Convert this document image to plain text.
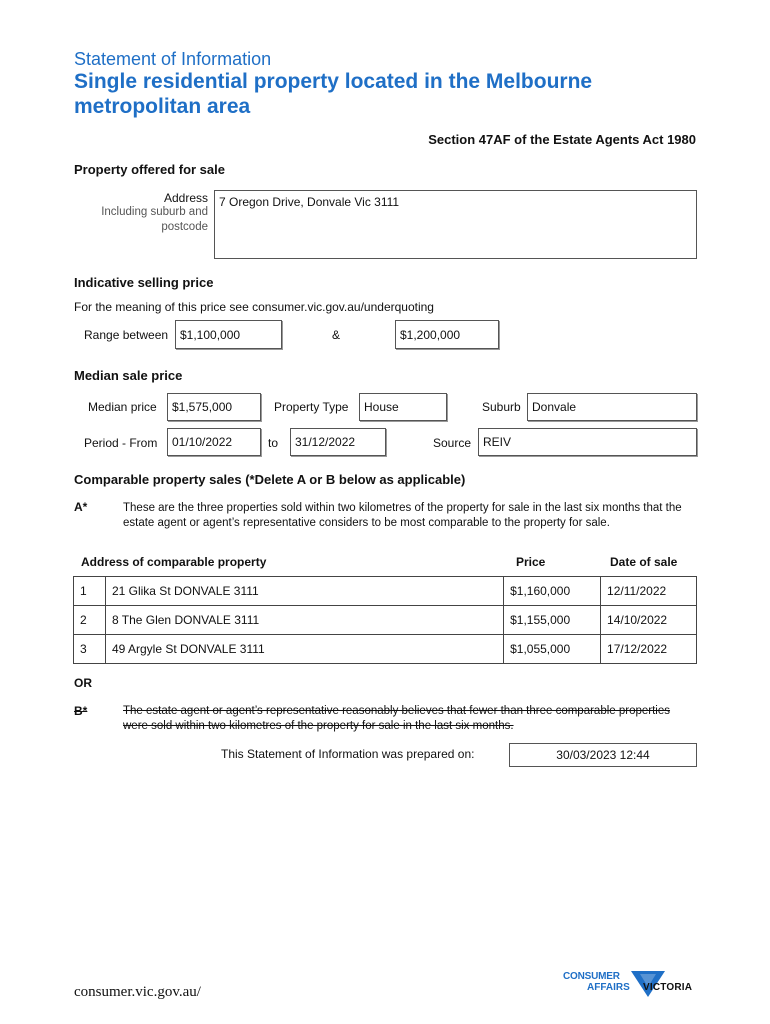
Statement of Information
Single residential property located in the Melbourne metropolitan area
Section 47AF of the Estate Agents Act 1980
Property offered for sale
Address
Including suburb and
postcode
7 Oregon Drive, Donvale Vic 3111
Indicative selling price
For the meaning of this price see consumer.vic.gov.au/underquoting
Range between $1,100,000	&	$1,200,000
Median sale price
Median price $1,575,000	Property Type House	Suburb Donvale
Period - From 01/10/2022	to 31/12/2022	Source REIV
Comparable property sales (*Delete A or B below as applicable)
A*	These are the three properties sold within two kilometres of the property for sale in the last six months that the estate agent or agent’s representative considers to be most comparable to the property for sale.
Address of comparable property	Price	Date of sale
1	21 Glika St DONVALE 3111	$1,160,000	12/11/2022
2	8 The Glen DONVALE 3111	$1,155,000	14/10/2022
3	49 Argyle St DONVALE 3111	$1,055,000	17/12/2022
OR
B*	The estate agent or agent’s representative reasonably believes that fewer than three comparable properties were sold within two kilometres of the property for sale in the last six months.
This Statement of Information was prepared on:	30/03/2023 12:44
consumer.vic.gov.au/
CONSUMER
AFFAIRS VICTORIA
